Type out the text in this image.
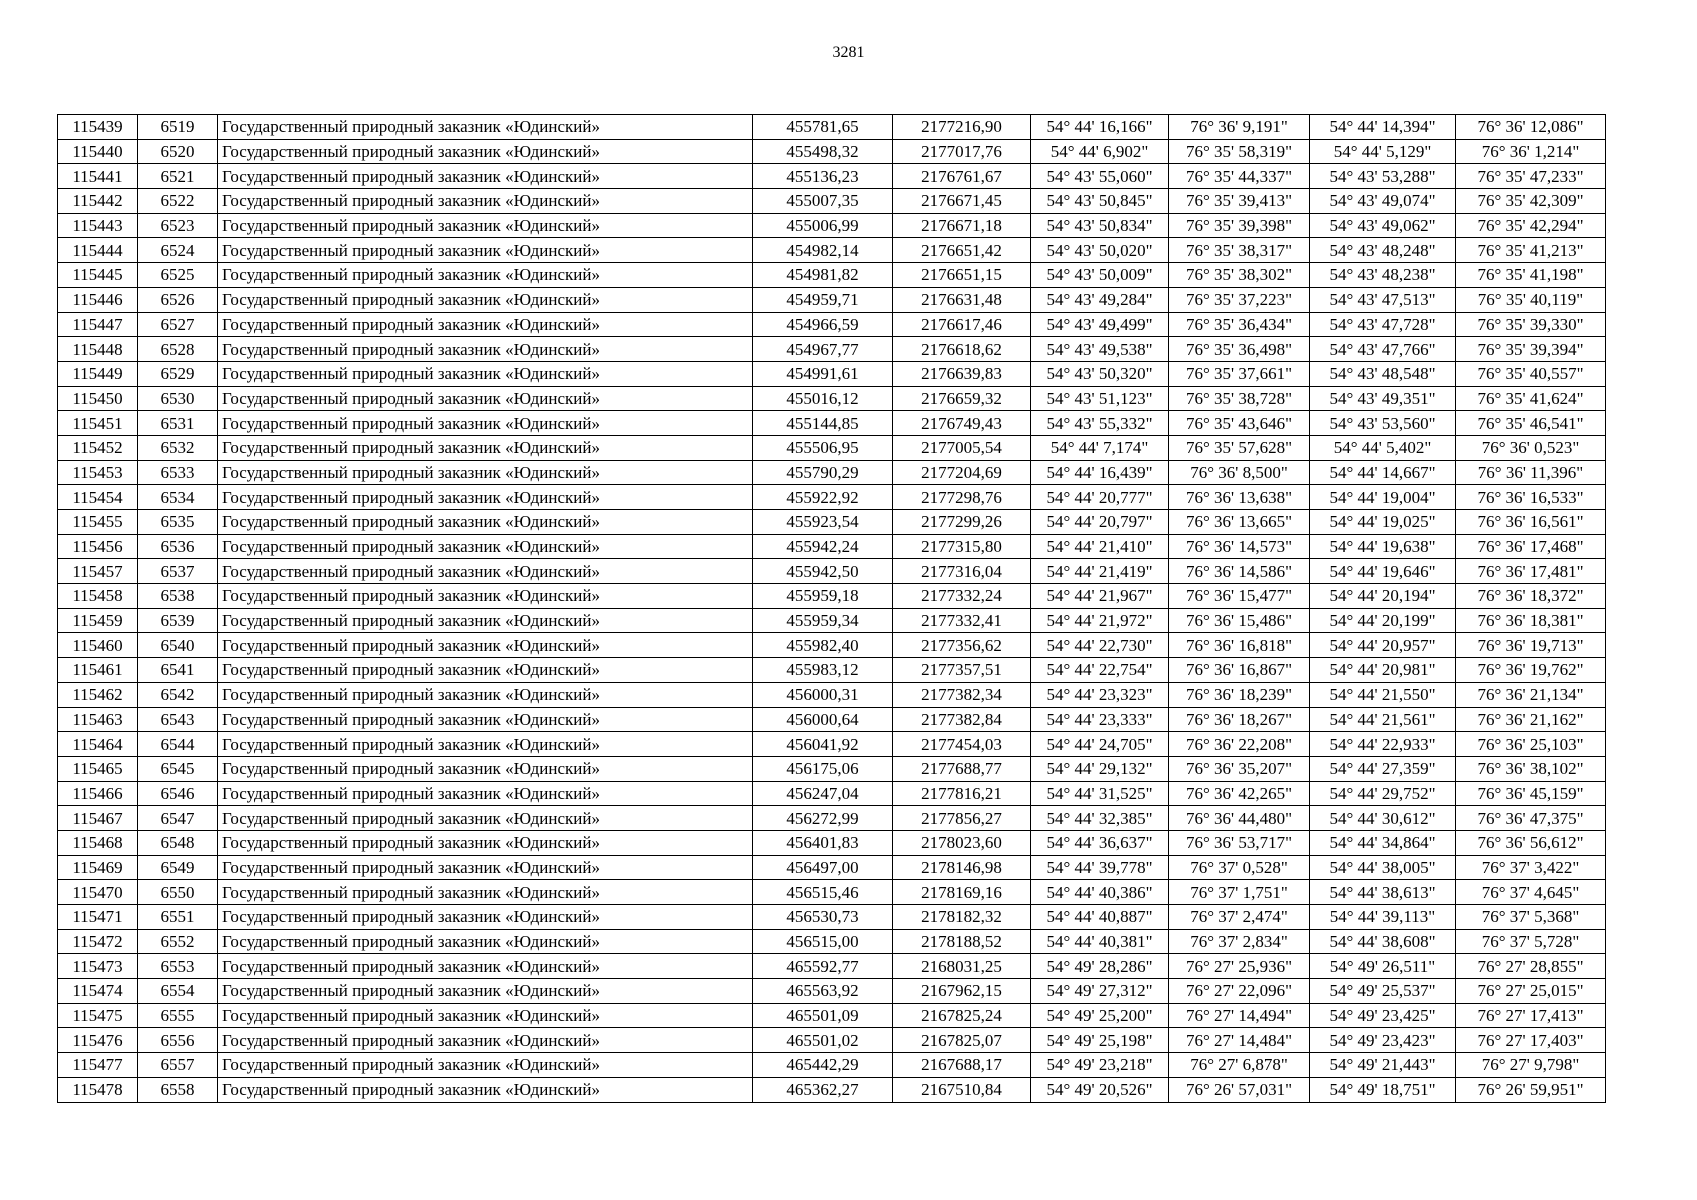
3281
115439	6519	Государственный природный заказник «Юдинский»	455781,65	2177216,90	54° 44' 16,166"	76° 36' 9,191"	54° 44' 14,394"	76° 36' 12,086"
115440	6520	Государственный природный заказник «Юдинский»	455498,32	2177017,76	54° 44' 6,902"	76° 35' 58,319"	54° 44' 5,129"	76° 36' 1,214"
115441	6521	Государственный природный заказник «Юдинский»	455136,23	2176761,67	54° 43' 55,060"	76° 35' 44,337"	54° 43' 53,288"	76° 35' 47,233"
115442	6522	Государственный природный заказник «Юдинский»	455007,35	2176671,45	54° 43' 50,845"	76° 35' 39,413"	54° 43' 49,074"	76° 35' 42,309"
115443	6523	Государственный природный заказник «Юдинский»	455006,99	2176671,18	54° 43' 50,834"	76° 35' 39,398"	54° 43' 49,062"	76° 35' 42,294"
115444	6524	Государственный природный заказник «Юдинский»	454982,14	2176651,42	54° 43' 50,020"	76° 35' 38,317"	54° 43' 48,248"	76° 35' 41,213"
115445	6525	Государственный природный заказник «Юдинский»	454981,82	2176651,15	54° 43' 50,009"	76° 35' 38,302"	54° 43' 48,238"	76° 35' 41,198"
115446	6526	Государственный природный заказник «Юдинский»	454959,71	2176631,48	54° 43' 49,284"	76° 35' 37,223"	54° 43' 47,513"	76° 35' 40,119"
115447	6527	Государственный природный заказник «Юдинский»	454966,59	2176617,46	54° 43' 49,499"	76° 35' 36,434"	54° 43' 47,728"	76° 35' 39,330"
115448	6528	Государственный природный заказник «Юдинский»	454967,77	2176618,62	54° 43' 49,538"	76° 35' 36,498"	54° 43' 47,766"	76° 35' 39,394"
115449	6529	Государственный природный заказник «Юдинский»	454991,61	2176639,83	54° 43' 50,320"	76° 35' 37,661"	54° 43' 48,548"	76° 35' 40,557"
115450	6530	Государственный природный заказник «Юдинский»	455016,12	2176659,32	54° 43' 51,123"	76° 35' 38,728"	54° 43' 49,351"	76° 35' 41,624"
115451	6531	Государственный природный заказник «Юдинский»	455144,85	2176749,43	54° 43' 55,332"	76° 35' 43,646"	54° 43' 53,560"	76° 35' 46,541"
115452	6532	Государственный природный заказник «Юдинский»	455506,95	2177005,54	54° 44' 7,174"	76° 35' 57,628"	54° 44' 5,402"	76° 36' 0,523"
115453	6533	Государственный природный заказник «Юдинский»	455790,29	2177204,69	54° 44' 16,439"	76° 36' 8,500"	54° 44' 14,667"	76° 36' 11,396"
115454	6534	Государственный природный заказник «Юдинский»	455922,92	2177298,76	54° 44' 20,777"	76° 36' 13,638"	54° 44' 19,004"	76° 36' 16,533"
115455	6535	Государственный природный заказник «Юдинский»	455923,54	2177299,26	54° 44' 20,797"	76° 36' 13,665"	54° 44' 19,025"	76° 36' 16,561"
115456	6536	Государственный природный заказник «Юдинский»	455942,24	2177315,80	54° 44' 21,410"	76° 36' 14,573"	54° 44' 19,638"	76° 36' 17,468"
115457	6537	Государственный природный заказник «Юдинский»	455942,50	2177316,04	54° 44' 21,419"	76° 36' 14,586"	54° 44' 19,646"	76° 36' 17,481"
115458	6538	Государственный природный заказник «Юдинский»	455959,18	2177332,24	54° 44' 21,967"	76° 36' 15,477"	54° 44' 20,194"	76° 36' 18,372"
115459	6539	Государственный природный заказник «Юдинский»	455959,34	2177332,41	54° 44' 21,972"	76° 36' 15,486"	54° 44' 20,199"	76° 36' 18,381"
115460	6540	Государственный природный заказник «Юдинский»	455982,40	2177356,62	54° 44' 22,730"	76° 36' 16,818"	54° 44' 20,957"	76° 36' 19,713"
115461	6541	Государственный природный заказник «Юдинский»	455983,12	2177357,51	54° 44' 22,754"	76° 36' 16,867"	54° 44' 20,981"	76° 36' 19,762"
115462	6542	Государственный природный заказник «Юдинский»	456000,31	2177382,34	54° 44' 23,323"	76° 36' 18,239"	54° 44' 21,550"	76° 36' 21,134"
115463	6543	Государственный природный заказник «Юдинский»	456000,64	2177382,84	54° 44' 23,333"	76° 36' 18,267"	54° 44' 21,561"	76° 36' 21,162"
115464	6544	Государственный природный заказник «Юдинский»	456041,92	2177454,03	54° 44' 24,705"	76° 36' 22,208"	54° 44' 22,933"	76° 36' 25,103"
115465	6545	Государственный природный заказник «Юдинский»	456175,06	2177688,77	54° 44' 29,132"	76° 36' 35,207"	54° 44' 27,359"	76° 36' 38,102"
115466	6546	Государственный природный заказник «Юдинский»	456247,04	2177816,21	54° 44' 31,525"	76° 36' 42,265"	54° 44' 29,752"	76° 36' 45,159"
115467	6547	Государственный природный заказник «Юдинский»	456272,99	2177856,27	54° 44' 32,385"	76° 36' 44,480"	54° 44' 30,612"	76° 36' 47,375"
115468	6548	Государственный природный заказник «Юдинский»	456401,83	2178023,60	54° 44' 36,637"	76° 36' 53,717"	54° 44' 34,864"	76° 36' 56,612"
115469	6549	Государственный природный заказник «Юдинский»	456497,00	2178146,98	54° 44' 39,778"	76° 37' 0,528"	54° 44' 38,005"	76° 37' 3,422"
115470	6550	Государственный природный заказник «Юдинский»	456515,46	2178169,16	54° 44' 40,386"	76° 37' 1,751"	54° 44' 38,613"	76° 37' 4,645"
115471	6551	Государственный природный заказник «Юдинский»	456530,73	2178182,32	54° 44' 40,887"	76° 37' 2,474"	54° 44' 39,113"	76° 37' 5,368"
115472	6552	Государственный природный заказник «Юдинский»	456515,00	2178188,52	54° 44' 40,381"	76° 37' 2,834"	54° 44' 38,608"	76° 37' 5,728"
115473	6553	Государственный природный заказник «Юдинский»	465592,77	2168031,25	54° 49' 28,286"	76° 27' 25,936"	54° 49' 26,511"	76° 27' 28,855"
115474	6554	Государственный природный заказник «Юдинский»	465563,92	2167962,15	54° 49' 27,312"	76° 27' 22,096"	54° 49' 25,537"	76° 27' 25,015"
115475	6555	Государственный природный заказник «Юдинский»	465501,09	2167825,24	54° 49' 25,200"	76° 27' 14,494"	54° 49' 23,425"	76° 27' 17,413"
115476	6556	Государственный природный заказник «Юдинский»	465501,02	2167825,07	54° 49' 25,198"	76° 27' 14,484"	54° 49' 23,423"	76° 27' 17,403"
115477	6557	Государственный природный заказник «Юдинский»	465442,29	2167688,17	54° 49' 23,218"	76° 27' 6,878"	54° 49' 21,443"	76° 27' 9,798"
115478	6558	Государственный природный заказник «Юдинский»	465362,27	2167510,84	54° 49' 20,526"	76° 26' 57,031"	54° 49' 18,751"	76° 26' 59,951"
